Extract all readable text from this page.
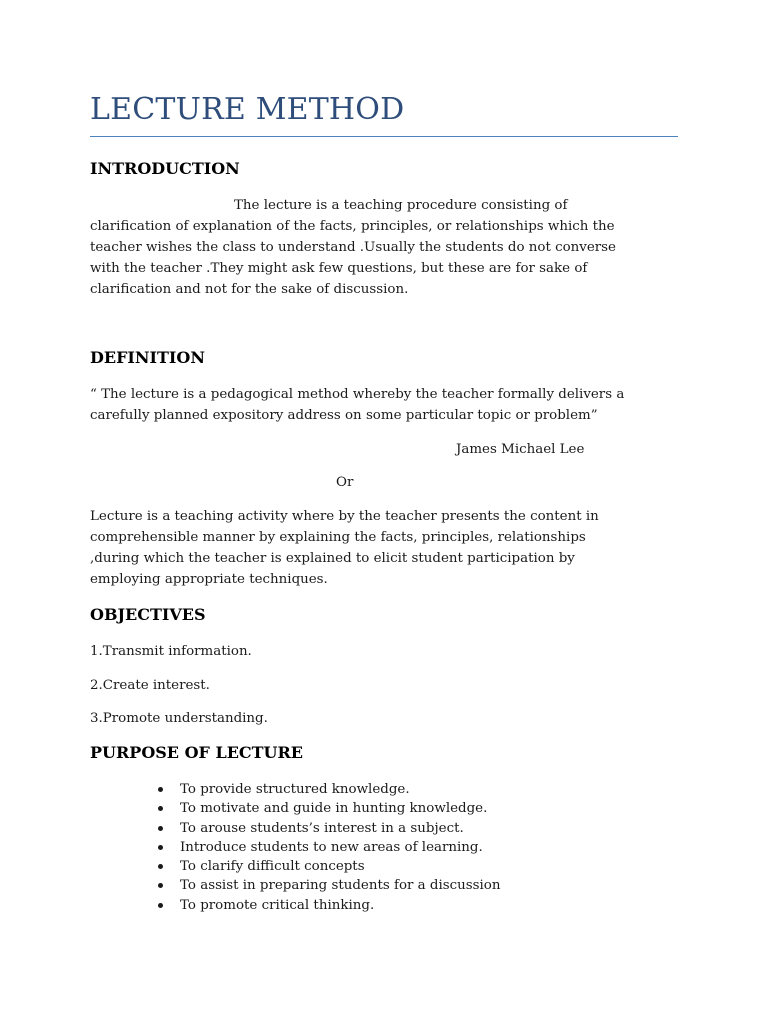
LECTURE METHOD
INTRODUCTION
The lecture is a teaching procedure consisting of
clarification of explanation of the facts, principles, or relationships which the
teacher wishes the class to understand .Usually the students do not converse
with the teacher .They might ask few questions, but these are for sake of
clarification and not for the sake of discussion.
DEFINITION
“ The lecture is a pedagogical method whereby the teacher formally delivers a
carefully planned expository address on some particular topic or problem”
James Michael Lee
Or
Lecture is a teaching activity where by the teacher presents the content in
comprehensible manner by explaining the facts, principles, relationships
,during which the teacher is explained to elicit student participation by
employing appropriate techniques.
OBJECTIVES
1.Transmit information.
2.Create interest.
3.Promote understanding.
PURPOSE OF LECTURE
To provide structured knowledge.
To motivate and guide in hunting knowledge.
To arouse students’s interest in a subject.
Introduce students to new areas of learning.
To clarify difficult concepts
To assist in preparing students for a discussion
To promote critical thinking.
